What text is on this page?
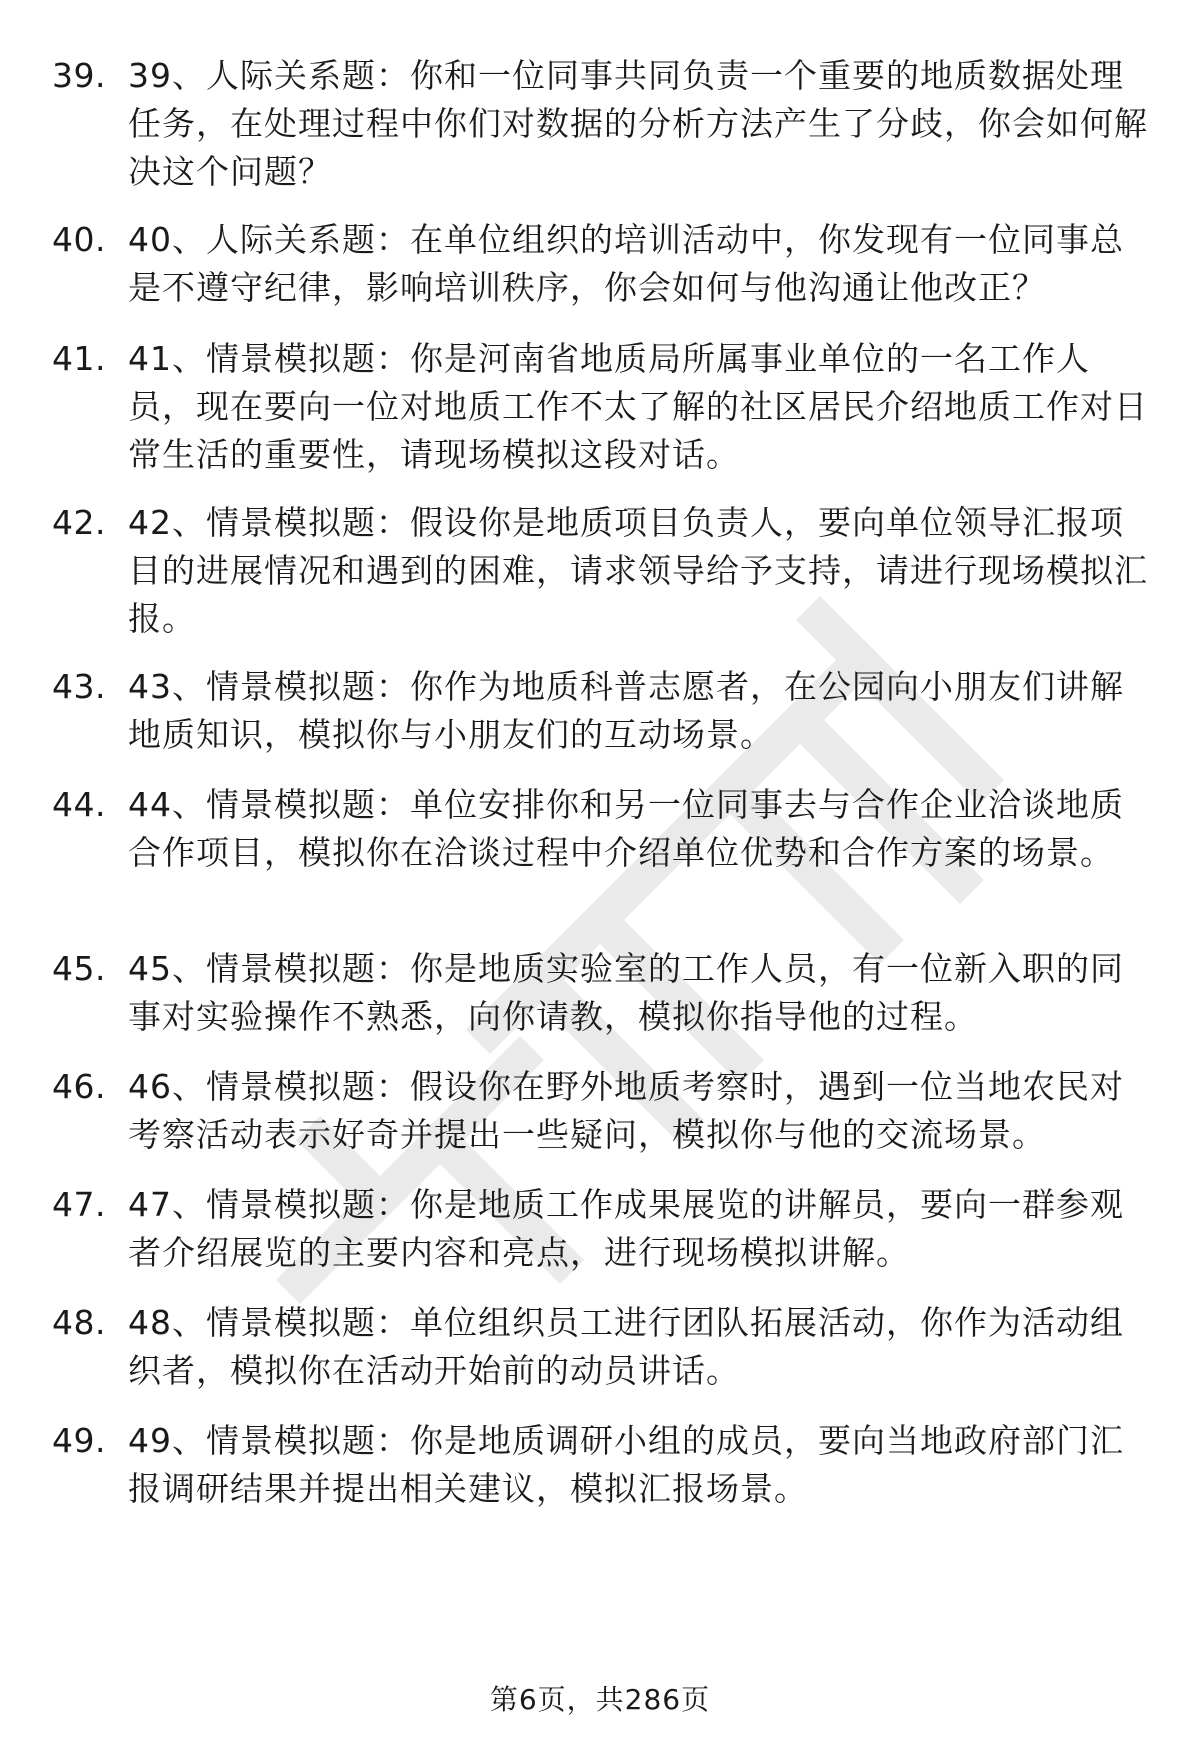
39. 39、人际关系题：你和一位同事共同负责一个重要的地质数据处理任务，在处理过程中你们对数据的分析方法产生了分歧，你会如何解决这个问题？
40. 40、人际关系题：在单位组织的培训活动中，你发现有一位同事总是不遵守纪律，影响培训秩序，你会如何与他沟通让他改正？
41. 41、情景模拟题：你是河南省地质局所属事业单位的一名工作人员，现在要向一位对地质工作不太了解的社区居民介绍地质工作对日常生活的重要性，请现场模拟这段对话。
42. 42、情景模拟题：假设你是地质项目负责人，要向单位领导汇报项目的进展情况和遇到的困难，请求领导给予支持，请进行现场模拟汇报。
43. 43、情景模拟题：你作为地质科普志愿者，在公园向小朋友们讲解地质知识，模拟你与小朋友们的互动场景。
44. 44、情景模拟题：单位安排你和另一位同事去与合作企业洽谈地质合作项目，模拟你在洽谈过程中介绍单位优势和合作方案的场景。
45. 45、情景模拟题：你是地质实验室的工作人员，有一位新入职的同事对实验操作不熟悉，向你请教，模拟你指导他的过程。
46. 46、情景模拟题：假设你在野外地质考察时，遇到一位当地农民对考察活动表示好奇并提出一些疑问，模拟你与他的交流场景。
47. 47、情景模拟题：你是地质工作成果展览的讲解员，要向一群参观者介绍展览的主要内容和亮点，进行现场模拟讲解。
48. 48、情景模拟题：单位组织员工进行团队拓展活动，你作为活动组织者，模拟你在活动开始前的动员讲话。
49. 49、情景模拟题：你是地质调研小组的成员，要向当地政府部门汇报调研结果并提出相关建议，模拟汇报场景。
第6页，共286页
